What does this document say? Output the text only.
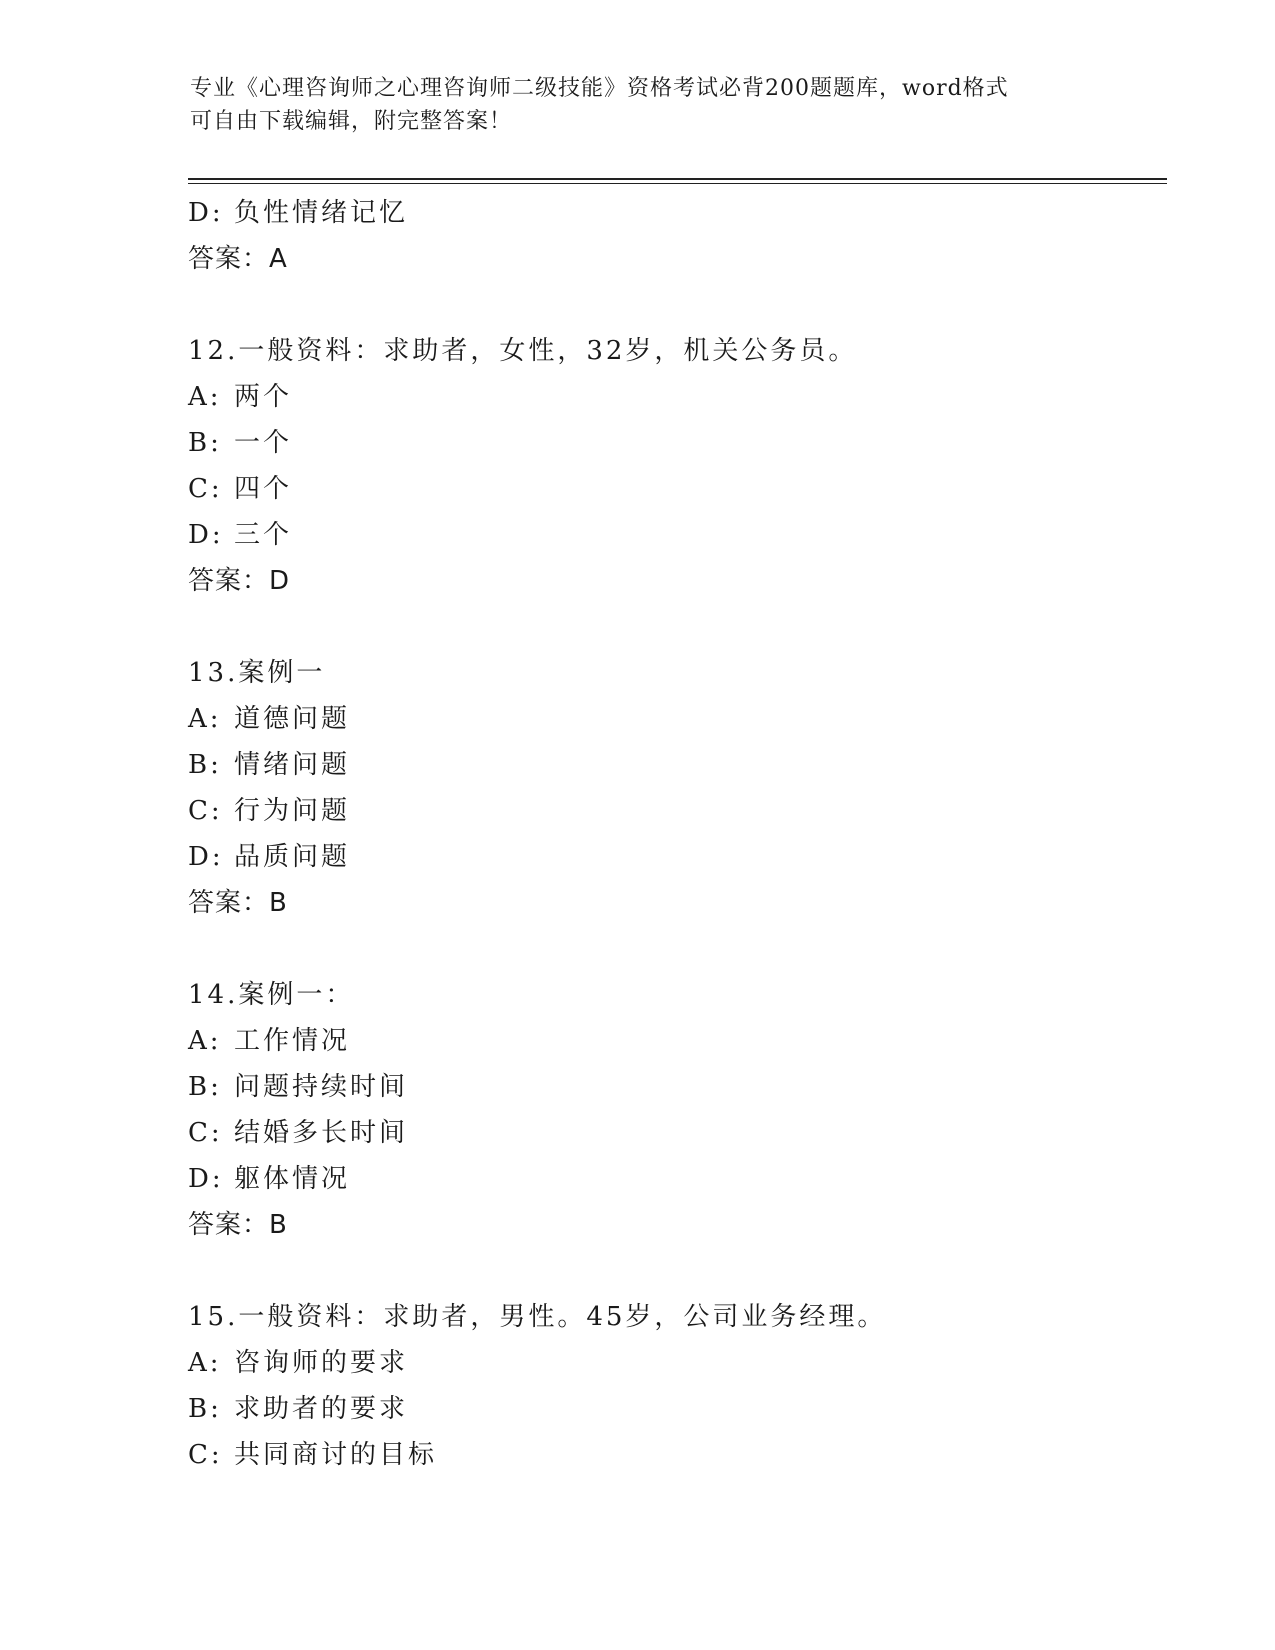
专业《心理咨询师之心理咨询师二级技能》资格考试必背200题题库，word格式
可自由下载编辑，附完整答案！
D: 负性情绪记忆
答案：A
12.一般资料：求助者，女性，32岁，机关公务员。
A: 两个
B: 一个
C: 四个
D: 三个
答案：D
13.案例一
A: 道德问题
B: 情绪问题
C: 行为问题
D: 品质问题
答案：B
14.案例一：
A: 工作情况
B: 问题持续时间
C: 结婚多长时间
D: 躯体情况
答案：B
15.一般资料：求助者，男性。45岁，公司业务经理。
A: 咨询师的要求
B: 求助者的要求
C: 共同商讨的目标
